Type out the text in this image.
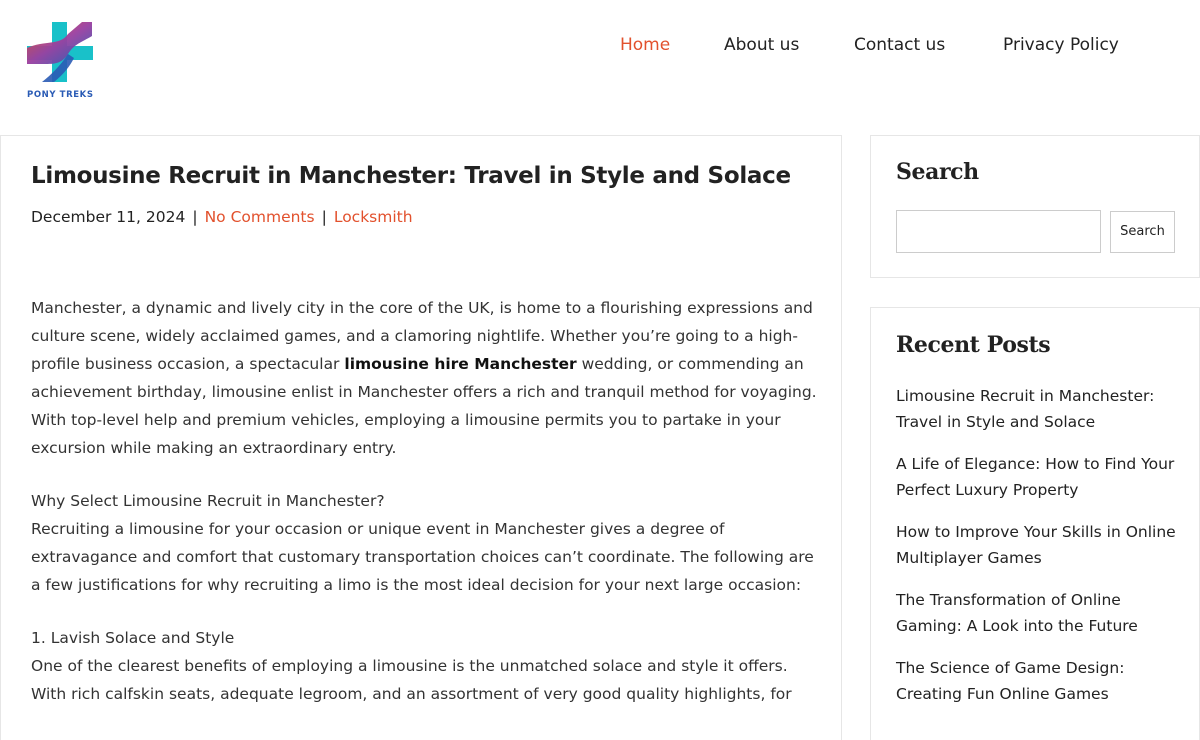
PONY TREKS
Home	About us	Contact us	Privacy Policy
Limousine Recruit in Manchester: Travel in Style and Solace
December 11, 2024 | No Comments | Locksmith

Manchester, a dynamic and lively city in the core of the UK, is home to a flourishing expressions and culture scene, widely acclaimed games, and a clamoring nightlife. Whether you’re going to a high-profile business occasion, a spectacular limousine hire Manchester wedding, or commending an achievement birthday, limousine enlist in Manchester offers a rich and tranquil method for voyaging. With top-level help and premium vehicles, employing a limousine permits you to partake in your excursion while making an extraordinary entry.

Why Select Limousine Recruit in Manchester?
Recruiting a limousine for your occasion or unique event in Manchester gives a degree of extravagance and comfort that customary transportation choices can’t coordinate. The following are a few justifications for why recruiting a limo is the most ideal decision for your next large occasion:

1. Lavish Solace and Style
One of the clearest benefits of employing a limousine is the unmatched solace and style it offers. With rich calfskin seats, adequate legroom, and an assortment of very good quality highlights, for

Search
Search
Recent Posts
Limousine Recruit in Manchester: Travel in Style and Solace
A Life of Elegance: How to Find Your Perfect Luxury Property
How to Improve Your Skills in Online Multiplayer Games
The Transformation of Online Gaming: A Look into the Future
The Science of Game Design: Creating Fun Online Games
